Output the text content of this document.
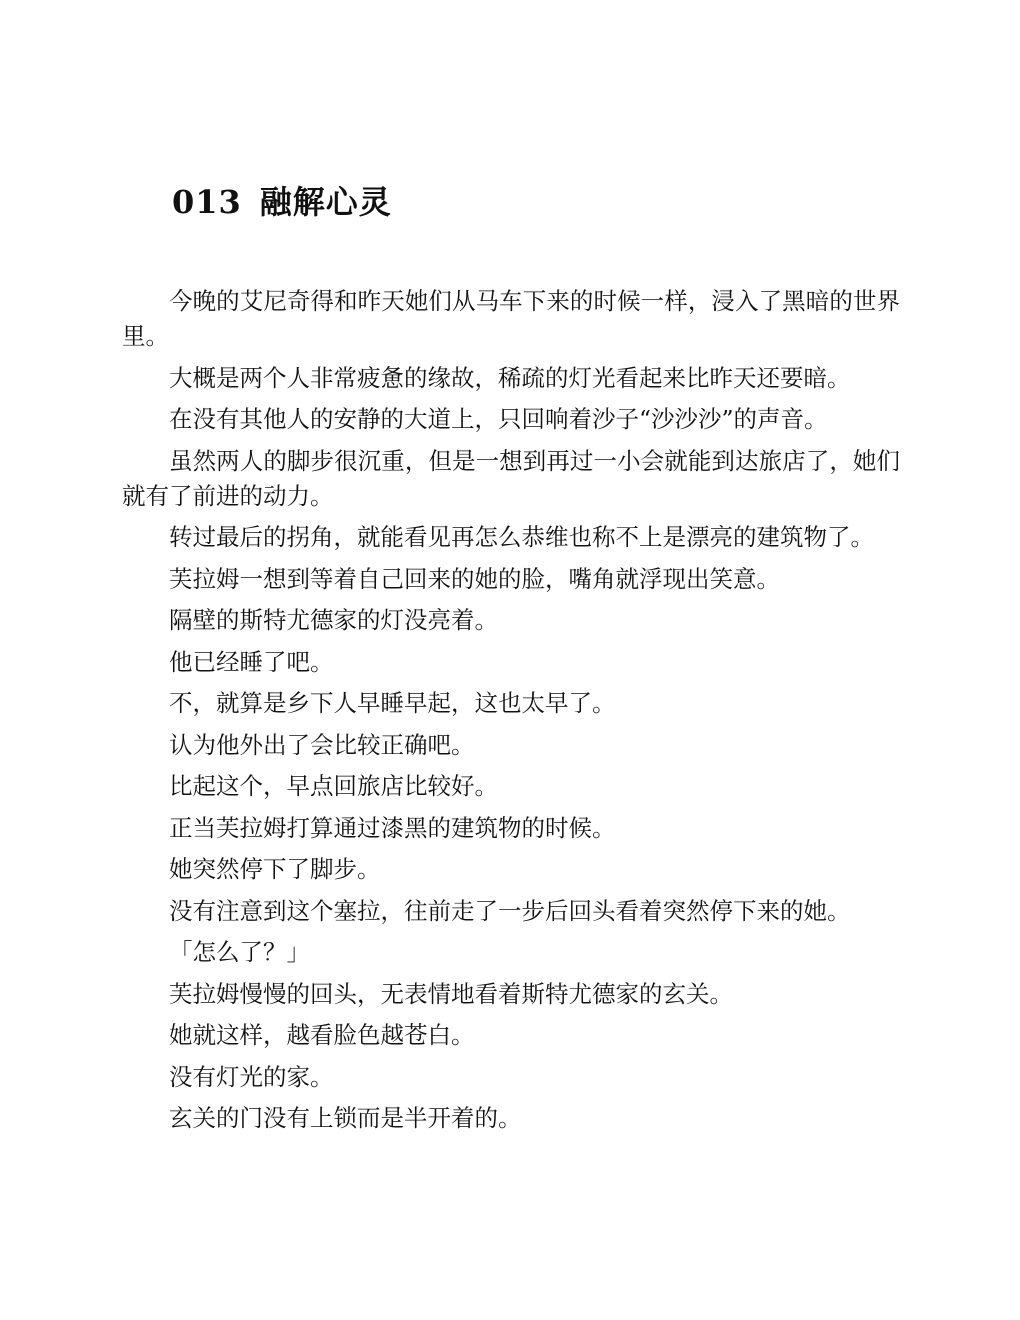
013 融解心灵

今晚的艾尼奇得和昨天她们从马车下来的时候一样，浸入了黑暗的世界里。

大概是两个人非常疲惫的缘故，稀疏的灯光看起来比昨天还要暗。

在没有其他人的安静的大道上，只回响着沙子“沙沙沙”的声音。

虽然两人的脚步很沉重，但是一想到再过一小会就能到达旅店了，她们就有了前进的动力。

转过最后的拐角，就能看见再怎么恭维也称不上是漂亮的建筑物了。

芙拉姆一想到等着自己回来的她的脸，嘴角就浮现出笑意。

隔壁的斯特尤德家的灯没亮着。

他已经睡了吧。

不，就算是乡下人早睡早起，这也太早了。

认为他外出了会比较正确吧。

比起这个，早点回旅店比较好。

正当芙拉姆打算通过漆黑的建筑物的时候。

她突然停下了脚步。

没有注意到这个塞拉，往前走了一步后回头看着突然停下来的她。

「怎么了？」

芙拉姆慢慢的回头，无表情地看着斯特尤德家的玄关。

她就这样，越看脸色越苍白。

没有灯光的家。

玄关的门没有上锁而是半开着的。
